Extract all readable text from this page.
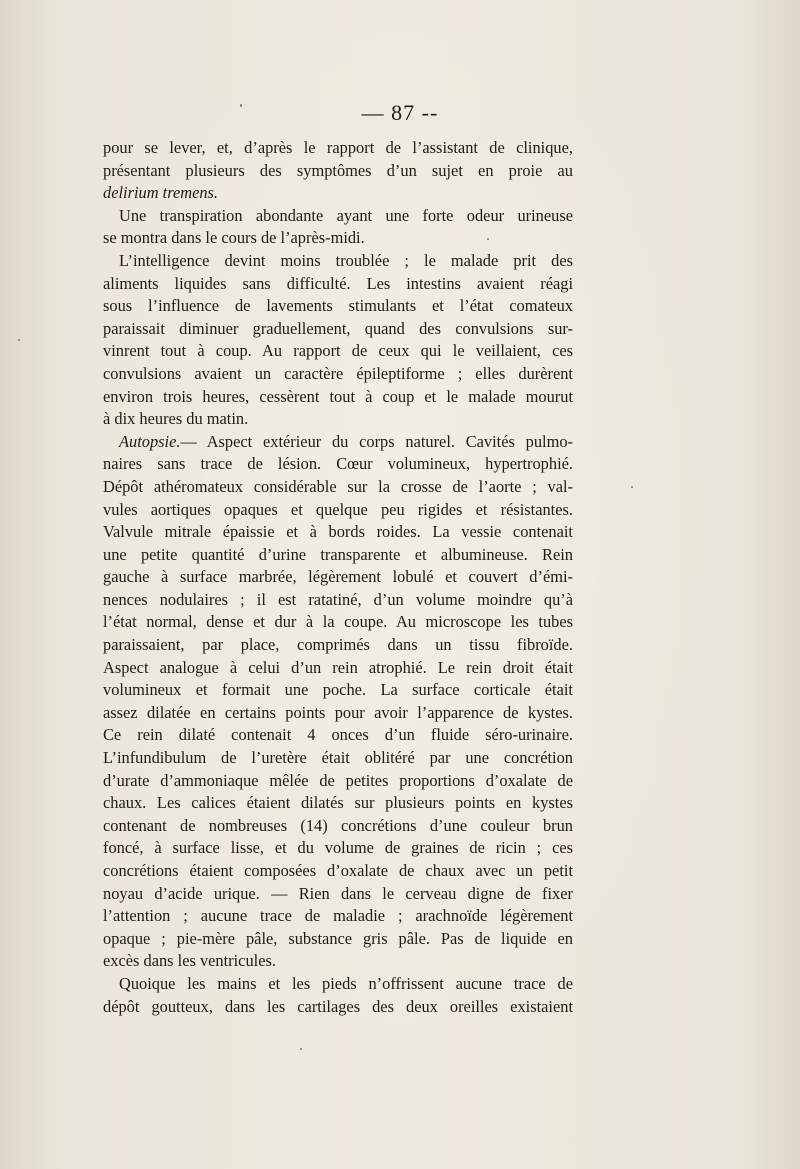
— 87 --
pour se lever, et, d’après le rapport de l’assistant de clinique,
présentant plusieurs des symptômes d’un sujet en proie au
delirium tremens.
Une transpiration abondante ayant une forte odeur urineuse
se montra dans le cours de l’après-midi.
L’intelligence devint moins troublée ; le malade prit des
aliments liquides sans difficulté. Les intestins avaient réagi
sous l’influence de lavements stimulants et l’état comateux
paraissait diminuer graduellement, quand des convulsions sur-
vinrent tout à coup. Au rapport de ceux qui le veillaient, ces
convulsions avaient un caractère épileptiforme ; elles durèrent
environ trois heures, cessèrent tout à coup et le malade mourut
à dix heures du matin.
Autopsie.— Aspect extérieur du corps naturel. Cavités pulmo-
naires sans trace de lésion. Cœur volumineux, hypertrophié.
Dépôt athéromateux considérable sur la crosse de l’aorte ; val-
vules aortiques opaques et quelque peu rigides et résistantes.
Valvule mitrale épaissie et à bords roides. La vessie contenait
une petite quantité d’urine transparente et albumineuse. Rein
gauche à surface marbrée, légèrement lobulé et couvert d’émi-
nences nodulaires ; il est ratatiné, d’un volume moindre qu’à
l’état normal, dense et dur à la coupe. Au microscope les tubes
paraissaient, par place, comprimés dans un tissu fibroïde.
Aspect analogue à celui d’un rein atrophié. Le rein droit était
volumineux et formait une poche. La surface corticale était
assez dilatée en certains points pour avoir l’apparence de kystes.
Ce rein dilaté contenait 4 onces d’un fluide séro-urinaire.
L’infundibulum de l’uretère était oblitéré par une concrétion
d’urate d’ammoniaque mêlée de petites proportions d’oxalate de
chaux. Les calices étaient dilatés sur plusieurs points en kystes
contenant de nombreuses (14) concrétions d’une couleur brun
foncé, à surface lisse, et du volume de graines de ricin ; ces
concrétions étaient composées d’oxalate de chaux avec un petit
noyau d’acide urique. — Rien dans le cerveau digne de fixer
l’attention ; aucune trace de maladie ; arachnoïde légèrement
opaque ; pie-mère pâle, substance gris pâle. Pas de liquide en
excès dans les ventricules.
Quoique les mains et les pieds n’offrissent aucune trace de
dépôt goutteux, dans les cartilages des deux oreilles existaient
